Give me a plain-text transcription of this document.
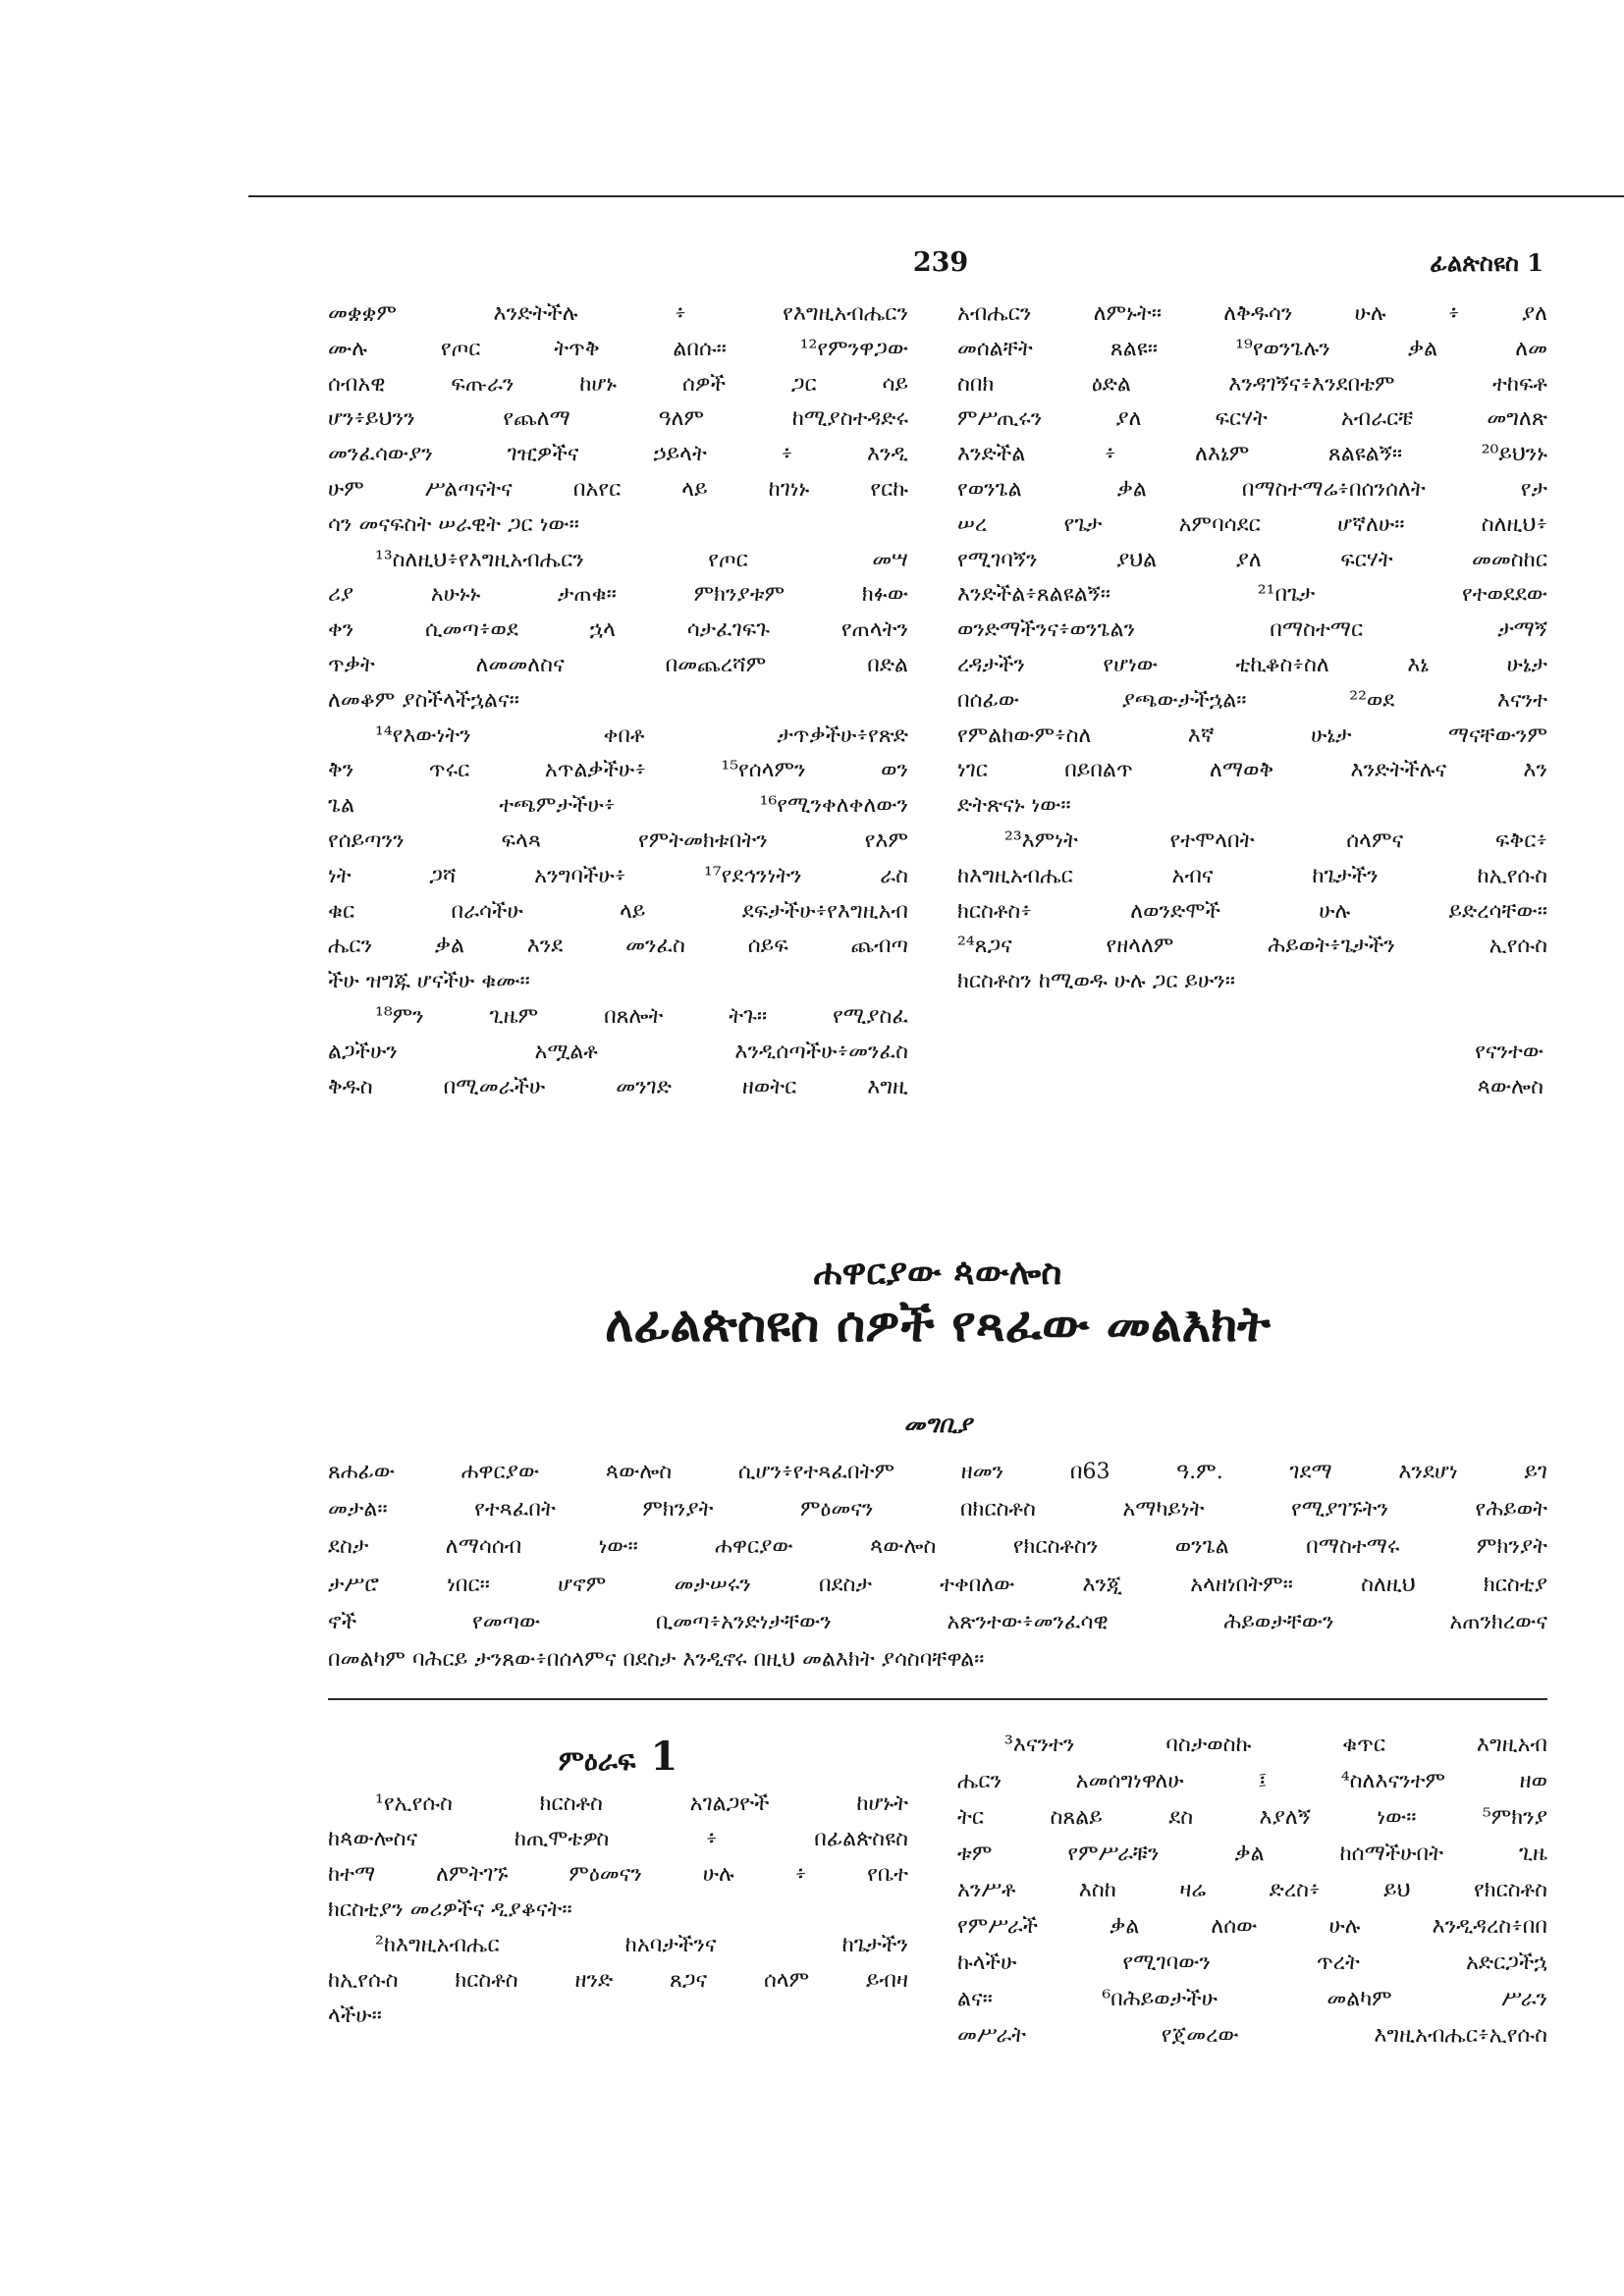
239	ፊልጵስዩስ 1
መቋቋም እንድትችሉ ፥ የእግዚአብሔርን
ሙሉ የጦር ትጥቅ ልበሱ። ¹²የምንዋጋው
ሰብአዊ ፍጡራን ከሆኑ ሰዎች ጋር ሳይ
ሆን፥ይህንን የጨለማ ዓለም ከሚያስተዳድሩ
መንፈሳውያን ገዢዎችና ኃይላት ፥ እንዲ
ሁም ሥልጣናትና በአየር ላይ ከገነኑ የርኩ
ሳን መናፍስት ሠራዊት ጋር ነው።
¹³ስለዚህ፥የእግዚአብሔርን የጦር መሣ
ሪያ አሁኑኑ ታጠቁ። ምክንያቱም ክፉው
ቀን ሲመጣ፥ወደ ኋላ ሳታፈገፍጉ የጠላትን
ጥቃት ለመመለስና በመጨረሻም በድል
ለመቆም ያስችላችኋልና።
¹⁴የእውነትን ቀበቶ ታጥቃችሁ፥የጽድ
ቅን ጥሩር አጥልቃችሁ፥ ¹⁵የሰላምን ወን
ጌል ተጫምታችሁ፥ ¹⁶የሚንቀለቀለውን
የሰይጣንን ፍላጻ የምትመክቱበትን የእም
ነት ጋሻ አንግባችሁ፥ ¹⁷የደኅንነትን ራስ
ቁር በራሳችሁ ላይ ደፍታችሁ፥የእግዚአብ
ሔርን ቃል እንደ መንፈስ ሰይፍ ጨብጣ
ችሁ ዝግጁ ሆናችሁ ቁሙ።
¹⁸ምን ጊዜም በጸሎት ትጉ። የሚያስፈ
ልጋችሁን አሟልቶ እንዲሰጣችሁ፥መንፈስ
ቅዱስ በሚመራችሁ መንገድ ዘወትር እግዚ
አብሔርን ለምኑት። ለቅዱሳን ሁሉ ፥ ያለ
መሰልቸት ጸልዩ። ¹⁹የወንጌሉን ቃል ለመ
ስበክ ዕድል እንዳገኝና፥እንደበቴም ተከፍቶ
ምሥጢሩን ያለ ፍርሃት አብራርቼ መግለጽ
እንድችል ፥ ለእኔም ጸልዩልኝ። ²⁰ይህንኑ
የወንጌል ቃል በማስተማሬ፥በሰንሰለት የታ
ሠረ የጌታ አምባሳደር ሆኛለሁ። ስለዚህ፥
የሚገባኝን ያህል ያለ ፍርሃት መመስከር
እንድችል፥ጸልዩልኝ። ²¹በጌታ የተወደደው
ወንድማችንና፥ወንጌልን በማስተማር ታማኝ
ረዳታችን የሆነው ቲኪቆስ፥ስለ እኔ ሁኔታ
በሰፊው ያጫውታችኋል። ²²ወደ እናንተ
የምልከውም፥ስለ እኛ ሁኔታ ማናቸውንም
ነገር በይበልጥ ለማወቅ እንድትችሉና እን
ድትጽናኑ ነው።
²³እምነት የተሞላበት ሰላምና ፍቅር፥
ከእግዚአብሔር አብና ከጌታችን ከኢየሱስ
ክርስቶስ፥ ለወንድሞች ሁሉ ይድረሳቸው።
²⁴ጸጋና የዘላለም ሕይወት፥ጌታችን ኢየሱስ
ክርስቶስን ከሚወዱ ሁሉ ጋር ይሁን።
የናንተው
ጳውሎስ
ሐዋርያው ጳውሎስ
ለፊልጵስዩስ ሰዎች የጻፈው መልእክት
መግቢያ
ጸሐፊው ሐዋርያው ጳውሎስ ሲሆን፥የተጻፈበትም ዘመን በ63 ዓ.ም. ገደማ እንደሆነ ይገ
መታል። የተጻፈበት ምክንያት ምዕመናን በክርስቶስ አማካይነት የሚያገኙትን የሕይወት
ደስታ ለማሳሰብ ነው። ሐዋርያው ጳውሎስ የክርስቶስን ወንጌል በማስተማሩ ምክንያት
ታሥሮ ነበር። ሆኖም መታሠሩን በደስታ ተቀበለው እንጂ አላዘነበትም። ስለዚህ ክርስቲያ
ኖች የመጣው ቢመጣ፥አንድነታቸውን አጽንተው፥መንፈሳዊ ሕይወታቸውን አጠንክረውና
በመልካም ባሕርይ ታንጸው፥በሰላምና በደስታ እንዲኖሩ በዚህ መልእክት ያሳስባቸዋል።
ምዕራፍ 1
¹የኢየሱስ ክርስቶስ አገልጋዮች ከሆኑት
ከጳውሎስና ከጢሞቴዎስ ፥ በፊልጵስዩስ
ከተማ ለምትገኙ ምዕመናን ሁሉ ፥ የቤተ
ክርስቲያን መሪዎችና ዲያቆናት።
²ከእግዚአብሔር ከአባታችንና ከጌታችን
ከኢየሱስ ክርስቶስ ዘንድ ጸጋና ሰላም ይብዛ
ላችሁ።
³እናንተን ባስታወስኩ ቁጥር እግዚአብ
ሔርን አመሰግነዋለሁ ፤ ⁴ስለእናንተም ዘወ
ትር ስጸልይ ደስ እያለኝ ነው። ⁵ምክንያ
ቱም የምሥራቹን ቃል ከሰማችሁበት ጊዜ
አንሥቶ እስከ ዛሬ ድረስ፥ ይህ የክርስቶስ
የምሥራች ቃል ለሰው ሁሉ እንዲዳረስ፥በበ
ኩላችሁ የሚገባውን ጥረት አድርጋችኋ
ልና። ⁶በሕይወታችሁ መልካም ሥራን
መሥራት የጀመረው እግዚአብሔር፥ኢየሱስ
